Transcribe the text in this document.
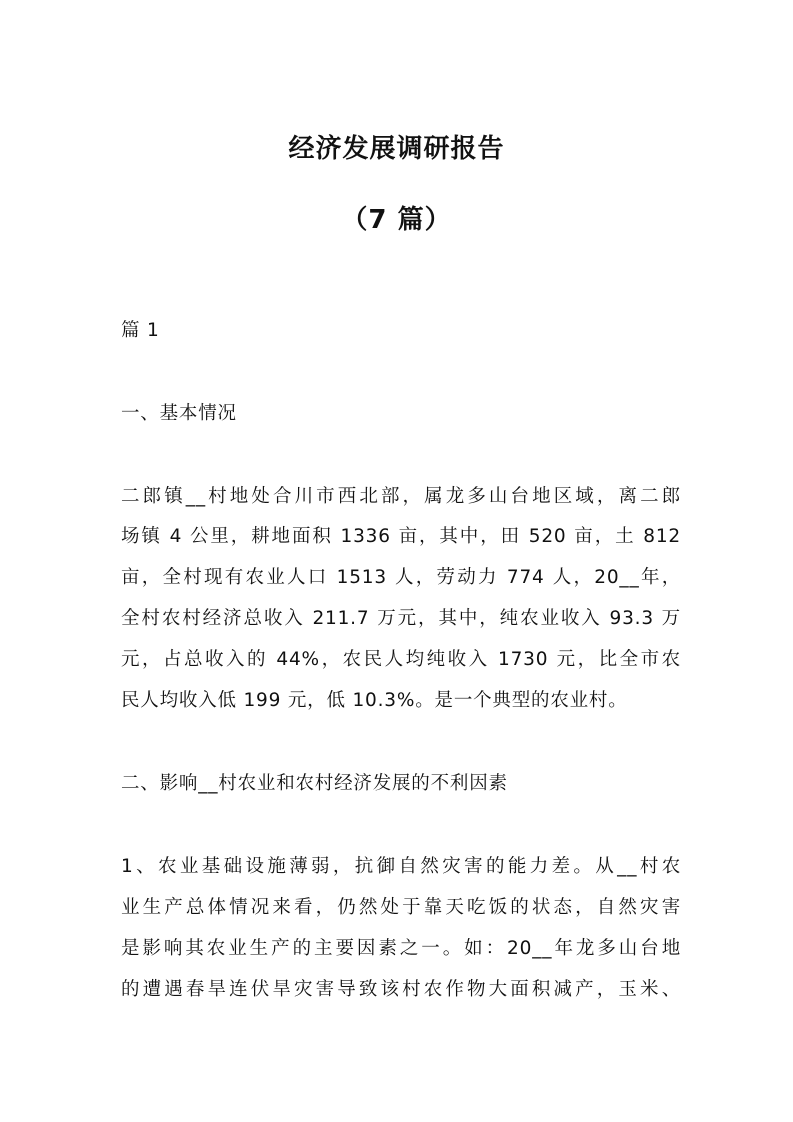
经济发展调研报告
（7 篇）
篇 1
一、基本情况
二郎镇__村地处合川市西北部，属龙多山台地区域，离二郎
场镇 4 公里，耕地面积 1336 亩，其中，田 520 亩，土 812
亩，全村现有农业人口 1513 人，劳动力 774 人，20__年，
全村农村经济总收入 211.7 万元，其中，纯农业收入 93.3 万
元，占总收入的 44%，农民人均纯收入 1730 元，比全市农
民人均收入低 199 元，低 10.3%。是一个典型的农业村。
二、影响__村农业和农村经济发展的不利因素
1、农业基础设施薄弱，抗御自然灾害的能力差。从__村农
业生产总体情况来看，仍然处于靠天吃饭的状态，自然灾害
是影响其农业生产的主要因素之一。如：20__年龙多山台地
的遭遇春旱连伏旱灾害导致该村农作物大面积减产，玉米、
